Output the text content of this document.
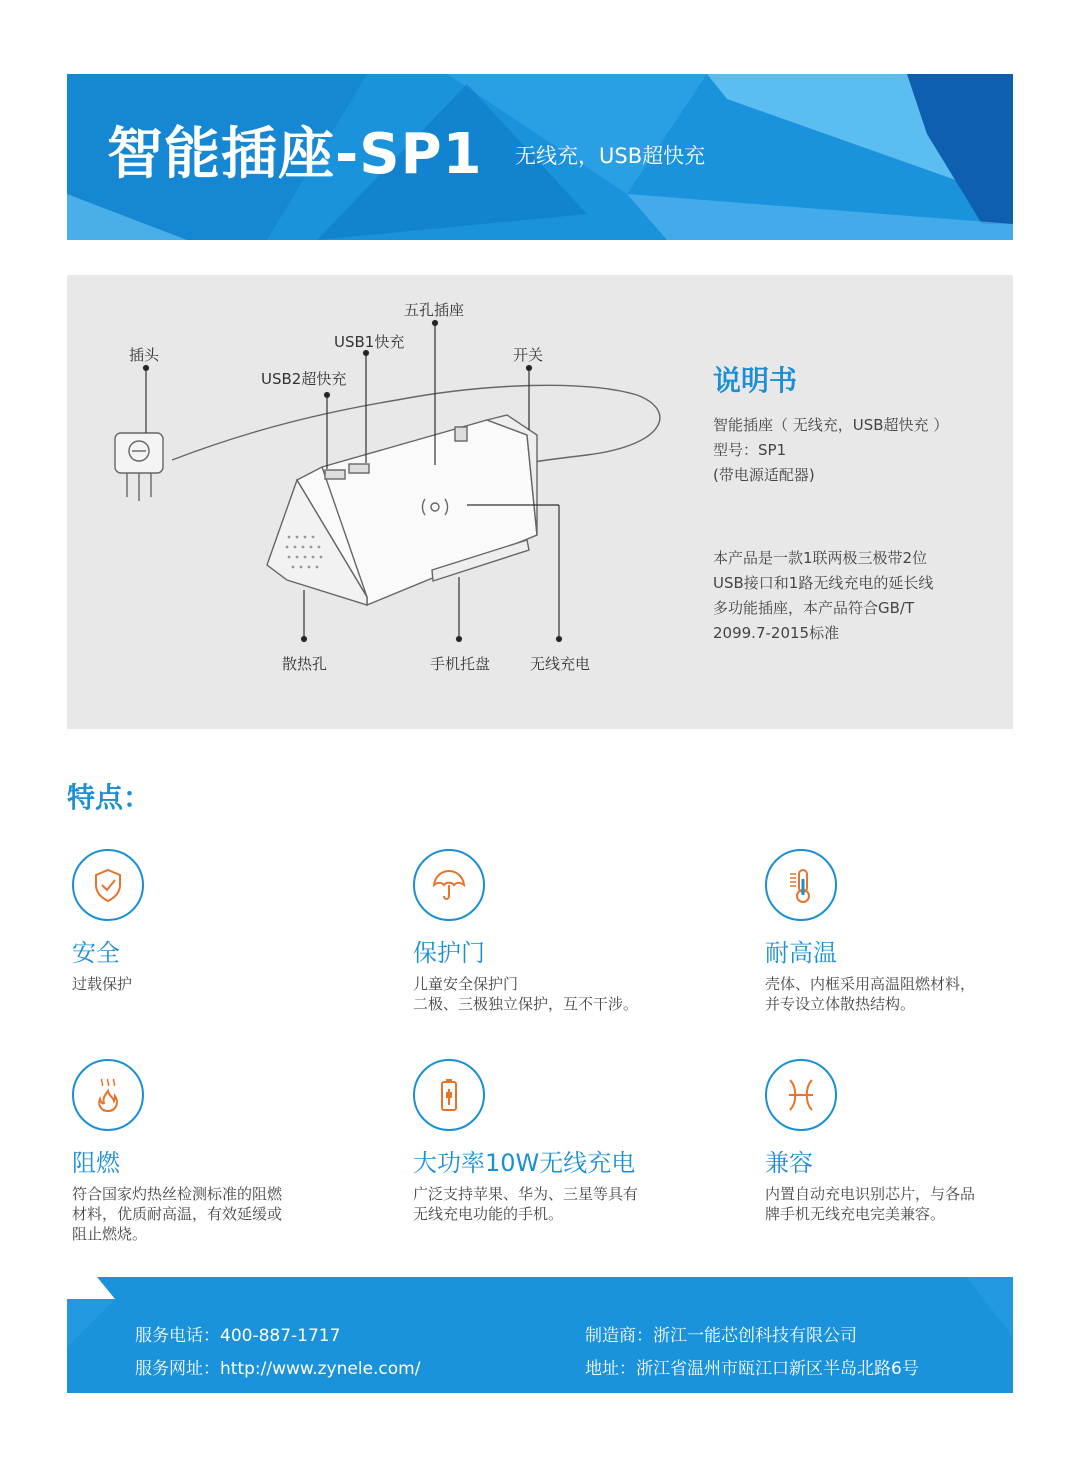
智能插座-SP1 无线充，USB超快充
插头
USB2超快充
USB1快充
五孔插座
开关
散热孔	手机托盘	无线充电
说明书
智能插座（ 无线充，USB超快充 ）
型号：SP1
(带电源适配器)
本产品是一款1联两极三极带2位
USB接口和1路无线充电的延长线
多功能插座，本产品符合GB/T
2099.7-2015标准
特点：
安全
过载保护
保护门
儿童安全保护门
二极、三极独立保护，互不干涉。
耐高温
壳体、内框采用高温阻燃材料，
并专设立体散热结构。
阻燃
符合国家灼热丝检测标准的阻燃
材料，优质耐高温，有效延缓或
阻止燃烧。
大功率10W无线充电
广泛支持苹果、华为、三星等具有
无线充电功能的手机。
兼容
内置自动充电识别芯片，与各品
牌手机无线充电完美兼容。
服务电话：400-887-1717
服务网址：http://www.zynele.com/
制造商：浙江一能芯创科技有限公司
地址：浙江省温州市瓯江口新区半岛北路6号
